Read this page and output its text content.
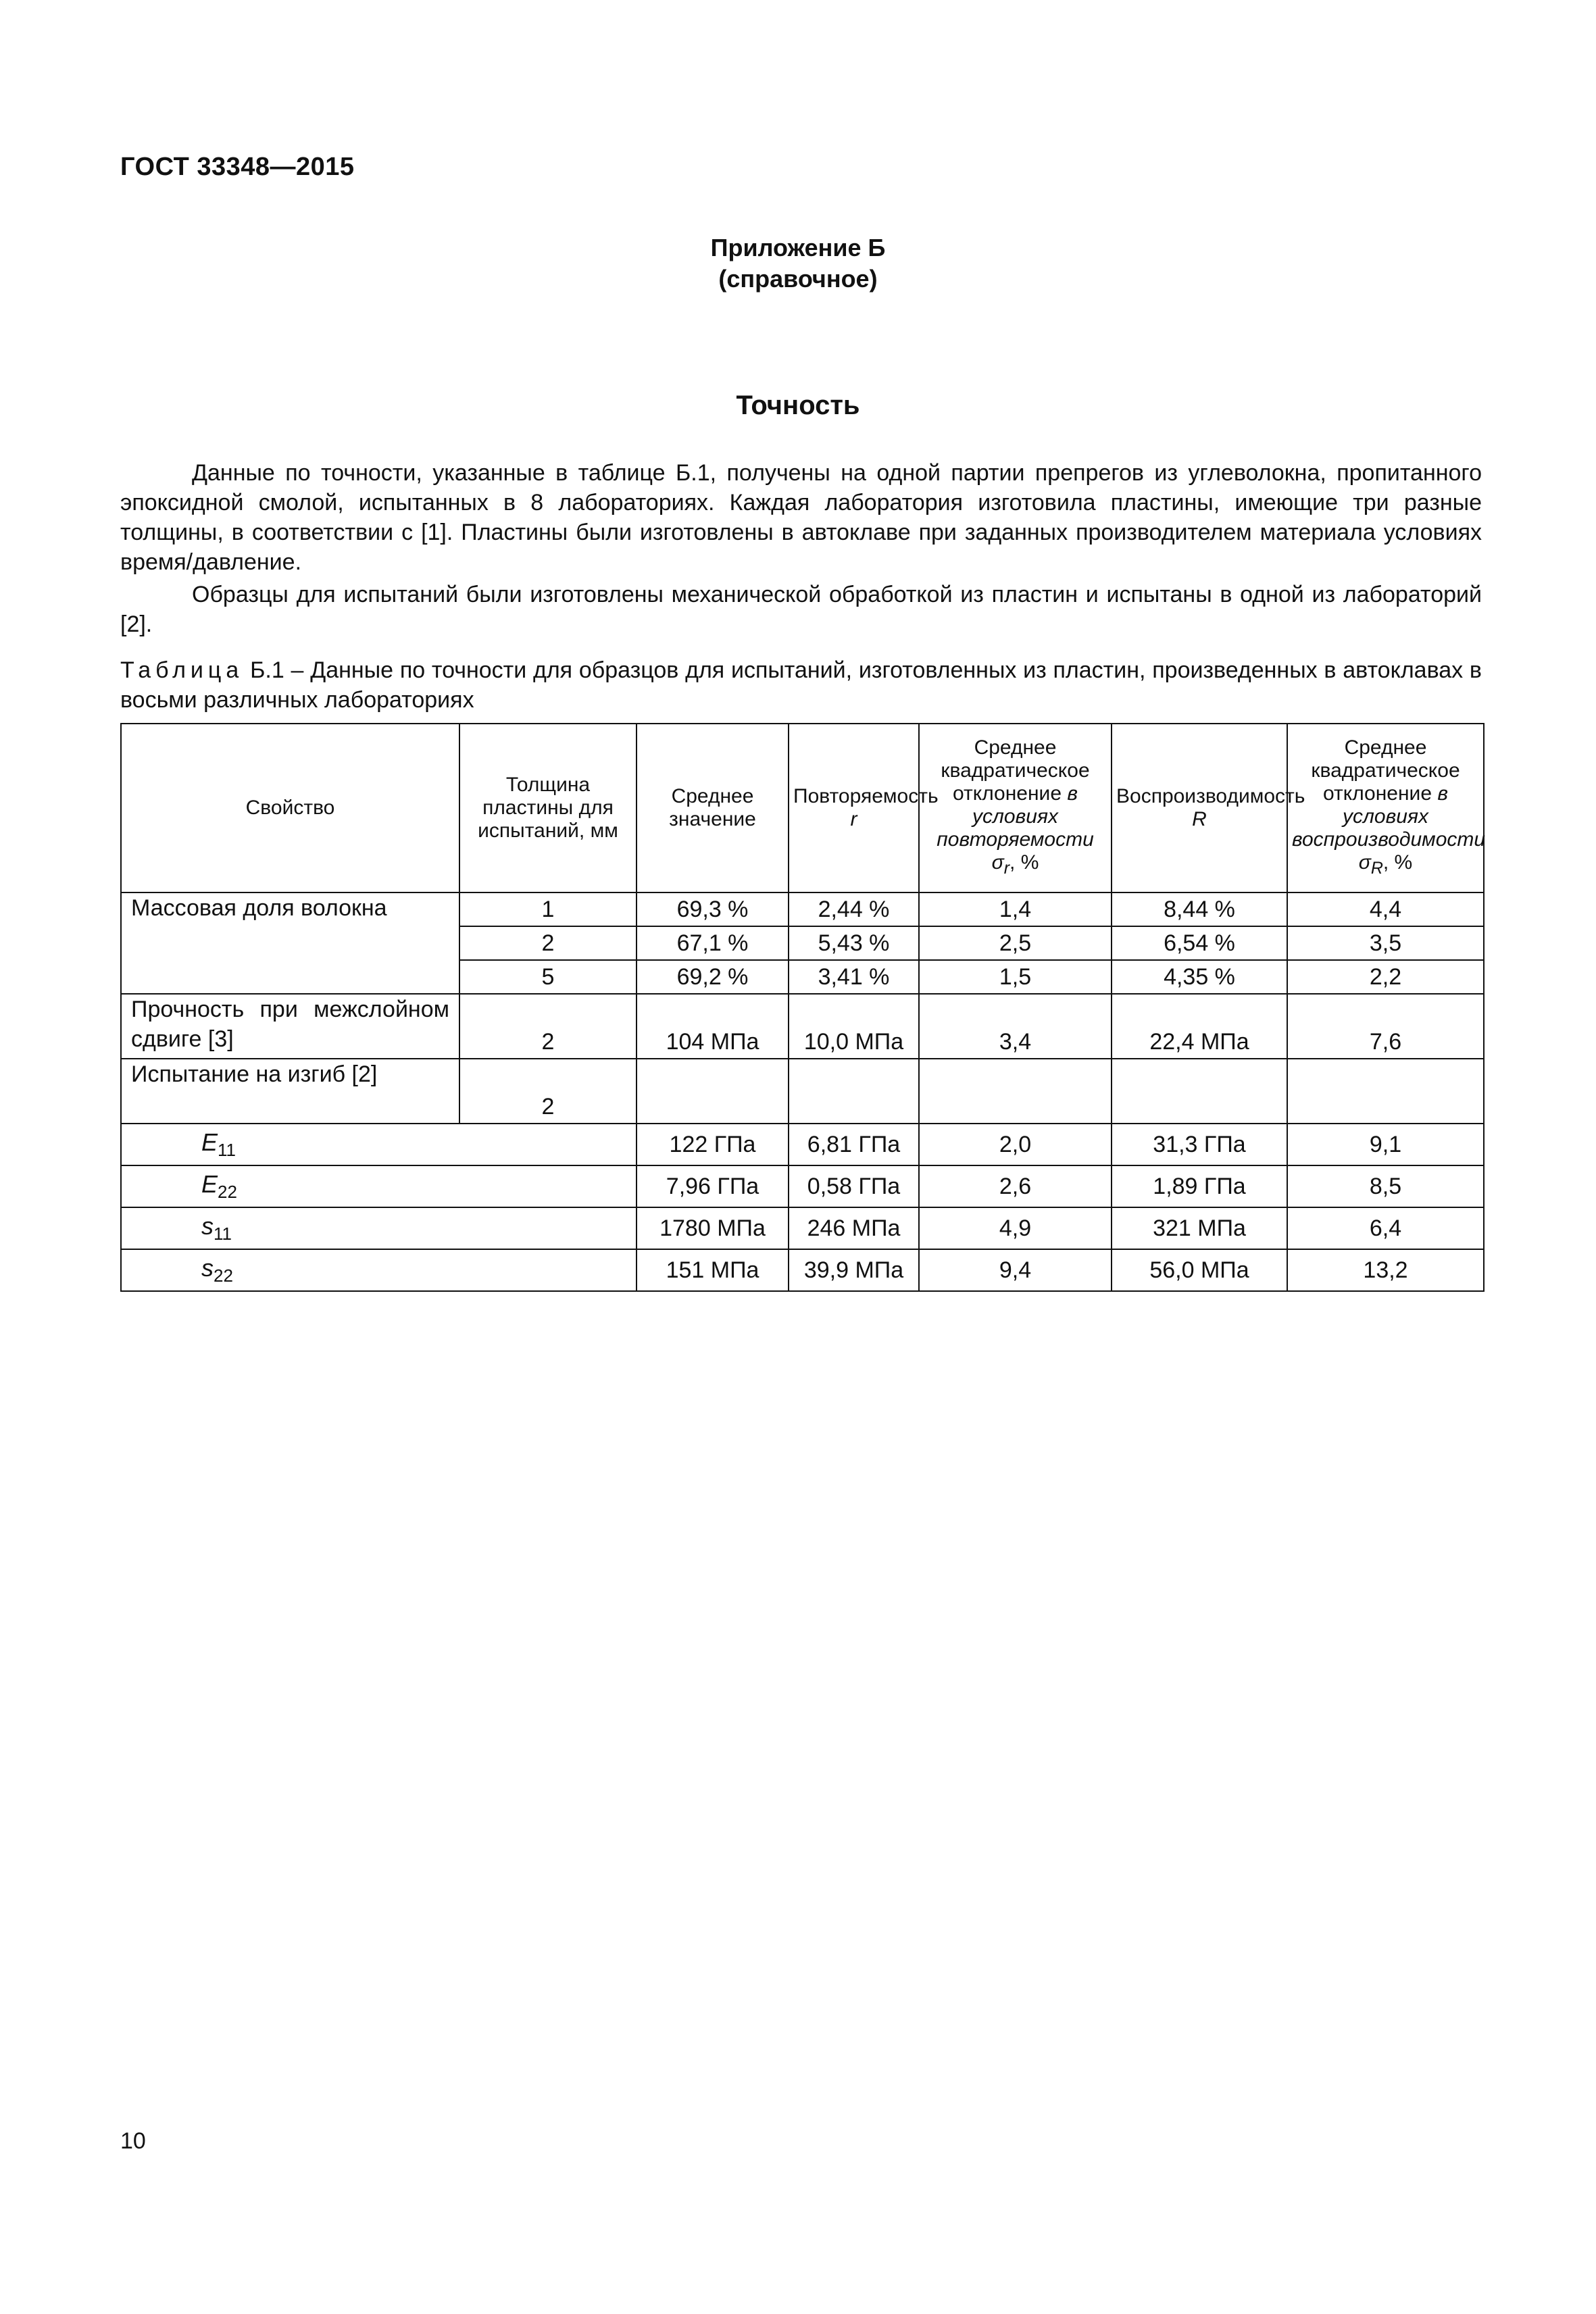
ГОСТ 33348—2015
Приложение Б
(справочное)
Точность
Данные по точности, указанные в таблице Б.1, получены на одной партии препрегов из углеволокна, пропитанного эпоксидной смолой, испытанных в 8 лабораториях. Каждая лаборатория изготовила пластины, имеющие три разные толщины, в соответствии с [1]. Пластины были изготовлены в автоклаве при заданных производителем материала условиях время/давление.
Образцы для испытаний были изготовлены механической обработкой из пластин и испытаны в одной из лабораторий [2].
Таблица Б.1 – Данные по точности для образцов для испытаний, изготовленных из пластин, произведенных в автоклавах в восьми различных лабораториях
Свойство	Толщина пластины для испытаний, мм	Среднее значение	Повторяемость r	Среднее квадратическое отклонение в условиях повторяемости $\sigma_r$, %	Воспроизводимость R	Среднее квадратическое отклонение в условиях воспроизводимости $\sigma_R$, %

Массовая доля волокна	1	69,3 %	2,44 %	1,4	8,44 %	4,4
	2	67,1 %	5,43 %	2,5	6,54 %	3,5
	5	69,2 %	3,41 %	1,5	4,35 %	2,2

Прочность при межслойном сдвиге [3]	2	104 МПа	10,0 МПа	3,4	22,4 МПа	7,6

Испытание на изгиб [2]	2					
$E_{11}$		122 ГПа	6,81 ГПа	2,0	31,3 ГПа	9,1
$E_{22}$		7,96 ГПа	0,58 ГПа	2,6	1,89 ГПа	8,5
$s_{11}$		1780 МПа	246 МПа	4,9	321 МПа	6,4
$s_{22}$		151 МПа	39,9 МПа	9,4	56,0 МПа	13,2
10
